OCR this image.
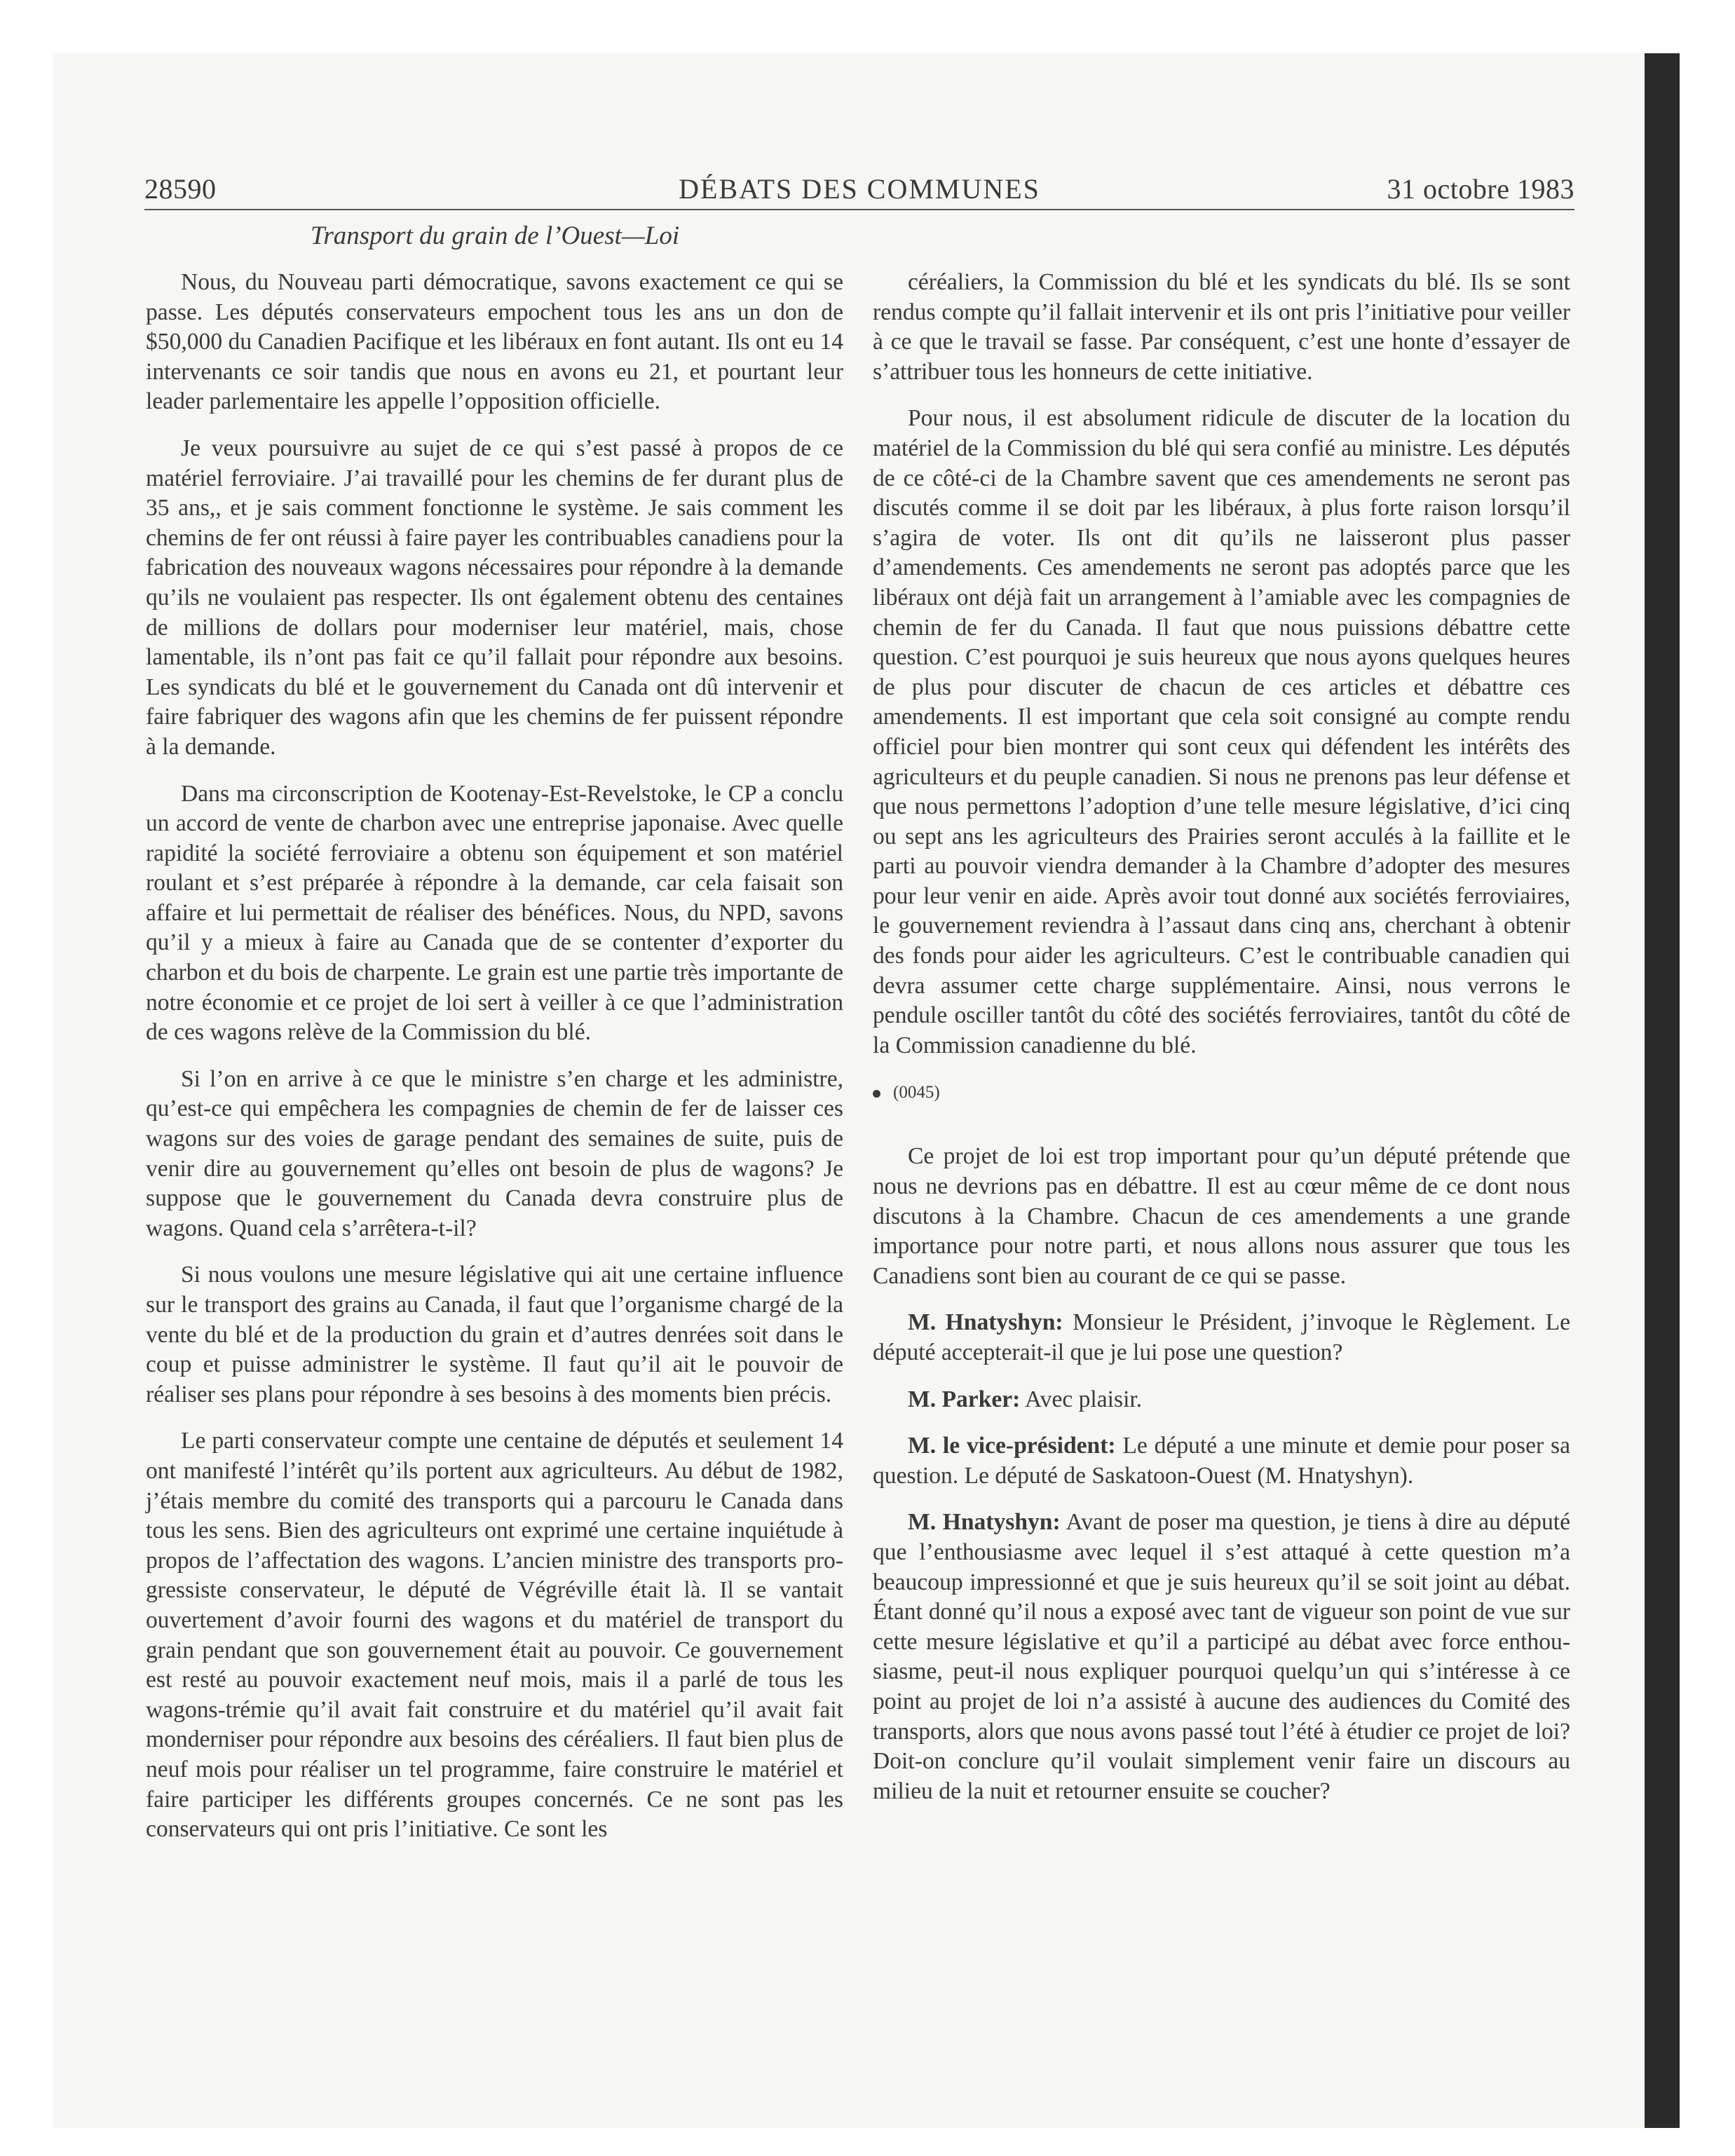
28590	DÉBATS DES COMMUNES	31 octobre 1983
Transport du grain de l’Ouest—Loi

Nous, du Nouveau parti démocratique, savons exactement ce qui se passe. Les députés conservateurs empochent tous les ans un don de $50,000 du Canadien Pacifique et les libéraux en font autant. Ils ont eu 14 intervenants ce soir tandis que nous en avons eu 21, et pourtant leur leader parlementaire les appelle l’opposition officielle.

Je veux poursuivre au sujet de ce qui s’est passé à propos de ce matériel ferroviaire. J’ai travaillé pour les chemins de fer durant plus de 35 ans,, et je sais comment fonctionne le système. Je sais comment les chemins de fer ont réussi à faire payer les contribuables canadiens pour la fabrication des nouveaux wagons nécessaires pour répondre à la demande qu’ils ne voulaient pas respecter. Ils ont également obtenu des centaines de millions de dollars pour moderniser leur matériel, mais, chose lamentable, ils n’ont pas fait ce qu’il fallait pour répondre aux besoins. Les syndicats du blé et le gouvernement du Canada ont dû intervenir et faire fabriquer des wagons afin que les chemins de fer puissent répondre à la demande.

Dans ma circonscription de Kootenay-Est-Revelstoke, le CP a conclu un accord de vente de charbon avec une entreprise japonaise. Avec quelle rapidité la société ferroviaire a obtenu son équipement et son matériel roulant et s’est préparée à répondre à la demande, car cela faisait son affaire et lui permettait de réaliser des bénéfices. Nous, du NPD, savons qu’il y a mieux à faire au Canada que de se contenter d’exporter du charbon et du bois de charpente. Le grain est une partie très importante de notre économie et ce projet de loi sert à veiller à ce que l’administration de ces wagons relève de la Commission du blé.

Si l’on en arrive à ce que le ministre s’en charge et les administre, qu’est-ce qui empêchera les compagnies de chemin de fer de laisser ces wagons sur des voies de garage pendant des semaines de suite, puis de venir dire au gouvernement qu’elles ont besoin de plus de wagons? Je suppose que le gouvernement du Canada devra construire plus de wagons. Quand cela s’arrêtera-t-il?

Si nous voulons une mesure législative qui ait une certaine influence sur le transport des grains au Canada, il faut que l’organisme chargé de la vente du blé et de la production du grain et d’autres denrées soit dans le coup et puisse administrer le système. Il faut qu’il ait le pouvoir de réaliser ses plans pour répondre à ses besoins à des moments bien précis.

Le parti conservateur compte une centaine de députés et seulement 14 ont manifesté l’intérêt qu’ils portent aux agriculteurs. Au début de 1982, j’étais membre du comité des transports qui a parcouru le Canada dans tous les sens. Bien des agriculteurs ont exprimé une certaine inquiétude à propos de l’affectation des wagons. L’ancien ministre des transports progressiste conservateur, le député de Végréville était là. Il se vantait ouvertement d’avoir fourni des wagons et du matériel de transport du grain pendant que son gouvernement était au pouvoir. Ce gouvernement est resté au pouvoir exactement neuf mois, mais il a parlé de tous les wagons-trémie qu’il avait fait construire et du matériel qu’il avait fait monderniser pour répondre aux besoins des céréaliers. Il faut bien plus de neuf mois pour réaliser un tel programme, faire construire le matériel et faire participer les différents groupes concernés. Ce ne sont pas les conservateurs qui ont pris l’initiative. Ce sont les

céréaliers, la Commission du blé et les syndicats du blé. Ils se sont rendus compte qu’il fallait intervenir et ils ont pris l’initiative pour veiller à ce que le travail se fasse. Par conséquent, c’est une honte d’essayer de s’attribuer tous les honneurs de cette initiative.

Pour nous, il est absolument ridicule de discuter de la location du matériel de la Commission du blé qui sera confié au ministre. Les députés de ce côté-ci de la Chambre savent que ces amendements ne seront pas discutés comme il se doit par les libéraux, à plus forte raison lorsqu’il s’agira de voter. Ils ont dit qu’ils ne laisseront plus passer d’amendements. Ces amendements ne seront pas adoptés parce que les libéraux ont déjà fait un arrangement à l’amiable avec les compagnies de chemin de fer du Canada. Il faut que nous puissions débattre cette question. C’est pourquoi je suis heureux que nous ayons quelques heures de plus pour discuter de chacun de ces articles et débattre ces amendements. Il est important que cela soit consigné au compte rendu officiel pour bien montrer qui sont ceux qui défendent les intérêts des agriculteurs et du peuple canadien. Si nous ne prenons pas leur défense et que nous permettons l’adoption d’une telle mesure législative, d’ici cinq ou sept ans les agriculteurs des Prairies seront acculés à la faillite et le parti au pouvoir viendra demander à la Chambre d’adopter des mesures pour leur venir en aide. Après avoir tout donné aux sociétés ferroviaires, le gouvernement reviendra à l’assaut dans cinq ans, cherchant à obtenir des fonds pour aider les agriculteurs. C’est le contribuable canadien qui devra assumer cette charge supplémentaire. Ainsi, nous verrons le pendule osciller tantôt du côté des sociétés ferroviaires, tantôt du côté de la Commission canadienne du blé.

(0045)

Ce projet de loi est trop important pour qu’un député prétende que nous ne devrions pas en débattre. Il est au cœur même de ce dont nous discutons à la Chambre. Chacun de ces amendements a une grande importance pour notre parti, et nous allons nous assurer que tous les Canadiens sont bien au courant de ce qui se passe.

M. Hnatyshyn: Monsieur le Président, j’invoque le Règlement. Le député accepterait-il que je lui pose une question?

M. Parker: Avec plaisir.

M. le vice-président: Le député a une minute et demie pour poser sa question. Le député de Saskatoon-Ouest (M. Hnatyshyn).

M. Hnatyshyn: Avant de poser ma question, je tiens à dire au député que l’enthousiasme avec lequel il s’est attaqué à cette question m’a beaucoup impressionné et que je suis heureux qu’il se soit joint au débat. Étant donné qu’il nous a exposé avec tant de vigueur son point de vue sur cette mesure législative et qu’il a participé au débat avec force enthousiasme, peut-il nous expliquer pourquoi quelqu’un qui s’intéresse à ce point au projet de loi n’a assisté à aucune des audiences du Comité des transports, alors que nous avons passé tout l’été à étudier ce projet de loi? Doit-on conclure qu’il voulait simplement venir faire un discours au milieu de la nuit et retourner ensuite se coucher?
